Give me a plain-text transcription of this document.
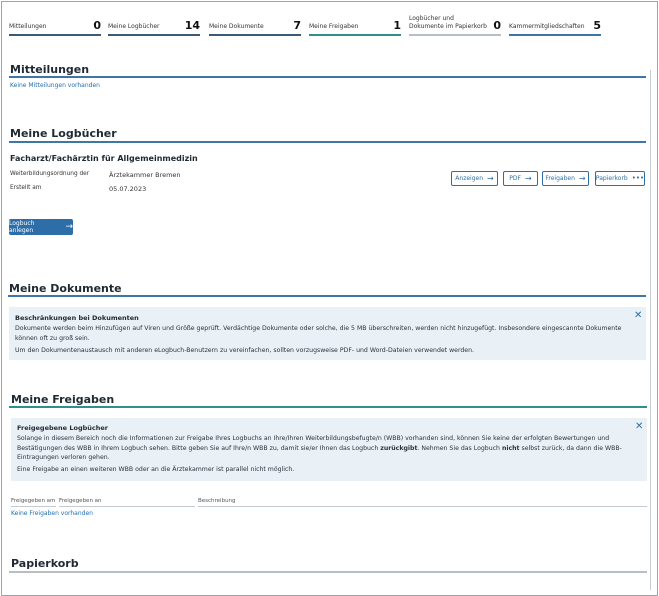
Mitteilungen	0 Meine Logbücher 14 Meine Dokumente	7 Meine Freigaben	1
Logbücher und Dokumente im Papierkorb 0 Kammermitgliedschaften 5
Mitteilungen
Keine Mitteilungen vorhanden
Meine Logbücher
Facharzt/Fachärztin für Allgemeinmedizin
Weiterbildungsordnung der	Ärztekammer Bremen
Erstellt am	05.07.2023
Anzeigen →	PDF → Freigaben → Papierkorb •••
Logbuch anlegen	→
Meine Dokumente
Beschränkungen bei Dokumenten
Dokumente werden beim Hinzufügen auf Viren und Größe geprüft. Verdächtige Dokumente oder solche, die 5 MB überschreiten, werden nicht hinzugefügt. Insbesondere eingescannte Dokumente können oft zu groß sein.
Um den Dokumentenaustausch mit anderen eLogbuch-Benutzern zu vereinfachen, sollten vorzugsweise PDF- und Word-Dateien verwendet werden.
✕
Meine Freigaben
Freigegebene Logbücher
Solange in diesem Bereich noch die Informationen zur Freigabe Ihres Logbuchs an Ihre/Ihren Weiterbildungsbefugte/n (WBB) vorhanden sind, können Sie keine der erfolgten Bewertungen und Bestätigungen des WBB in Ihrem Logbuch sehen. Bitte geben Sie auf Ihre/n WBB zu, damit sie/er Ihnen das Logbuch zurückgibt. Nehmen Sie das Logbuch nicht selbst zurück, da dann die WBB-Eintragungen verloren gehen.
Eine Freigabe an einen weiteren WBB oder an die Ärztekammer ist parallel nicht möglich.
✕
Freigegeben am Freigegeben an	Beschreibung
Keine Freigaben vorhanden
Papierkorb
